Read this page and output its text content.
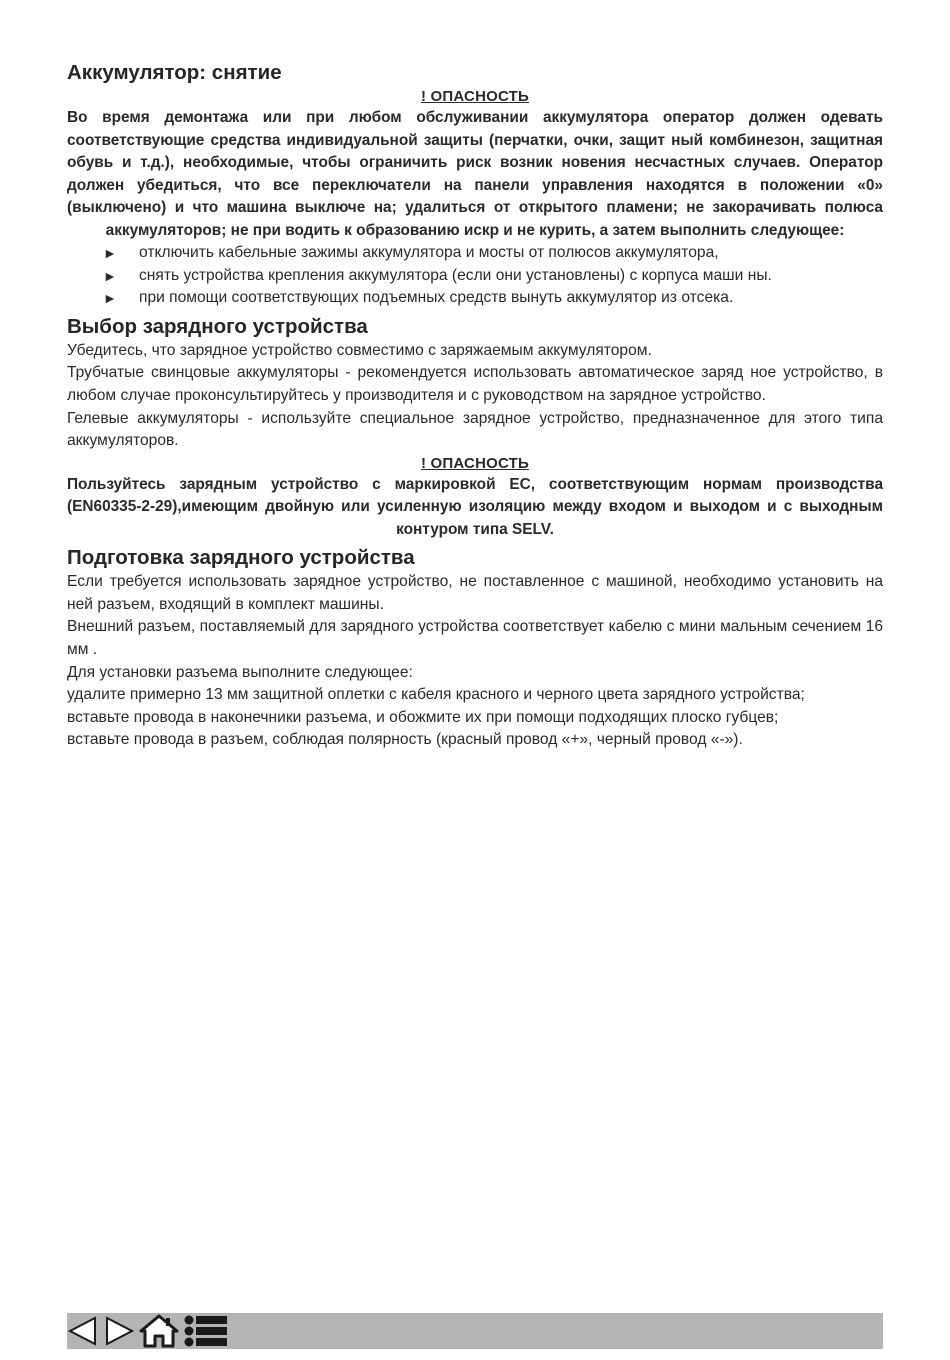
Аккумулятор: снятие

! ОПАСНОСТЬ

Во время демонтажа или при любом обслуживании аккумулятора оператор должен одевать соответствующие средства индивидуальной защиты (перчатки, очки, защит ный комбинезон, защитная обувь и т.д.), необходимые, чтобы ограничить риск возник новения несчастных случаев. Оператор должен убедиться, что все переключатели на панели управления находятся в положении «0» (выключено) и что машина выключе на; удалиться от открытого пламени; не закорачивать полюса аккумуляторов; не при водить к образованию искр и не курить, а затем выполнить следующее:

► отключить кабельные зажимы аккумулятора и мосты от полюсов аккумулятора,
► снять устройства крепления аккумулятора (если они установлены) с корпуса маши ны.
► при помощи соответствующих подъемных средств вынуть аккумулятор из отсека.
Выбор зарядного устройства

Убедитесь, что зарядное устройство совместимо с заряжаемым аккумулятором.

Трубчатые свинцовые аккумуляторы - рекомендуется использовать автоматическое заряд ное устройство, в любом случае проконсультируйтесь у производителя и с руководством на зарядное устройство.

Гелевые аккумуляторы - используйте специальное зарядное устройство, предназначенное для этого типа аккумуляторов.

! ОПАСНОСТЬ

Пользуйтесь зарядным устройство с маркировкой ЕС, соответствующим нормам производства (EN60335-2-29),имеющим двойную или усиленную изоляцию между входом и выходом и с выходным контуром типа SELV.

Подготовка зарядного устройства

Если требуется использовать зарядное устройство, не поставленное с машиной, необходимо установить на ней разъем, входящий в комплект машины.

Внешний разъем, поставляемый для зарядного устройства соответствует кабелю с мини мальным сечением 16 мм .

Для установки разъема выполните следующее:

удалите примерно 13 мм защитной оплетки с кабеля красного и черного цвета зарядного устройства;

вставьте провода в наконечники разъема, и обожмите их при помощи подходящих плоско губцев;

вставьте провода в разъем, соблюдая полярность (красный провод «+», черный провод «-»).
